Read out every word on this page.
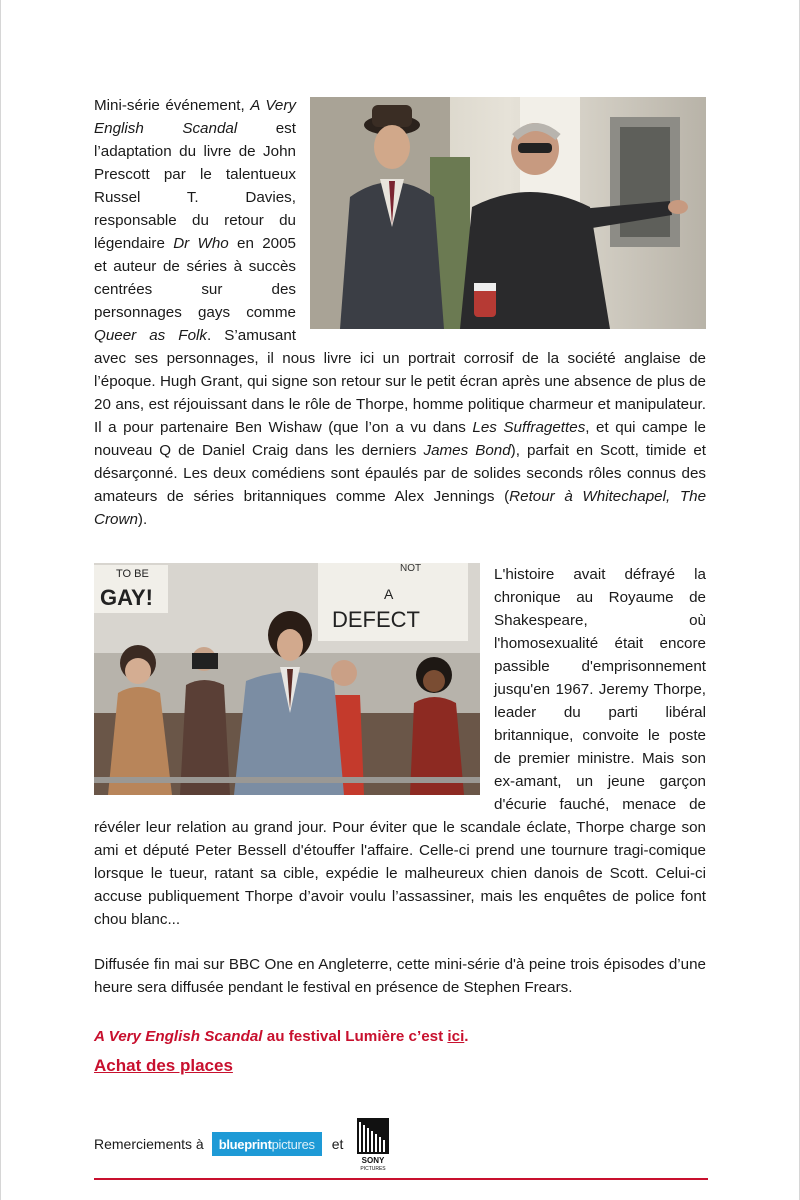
Mini-série événement, A Very English Scandal est l’adaptation du livre de John Prescott par le talentueux Russel T. Davies, responsable du retour du légendaire Dr Who en 2005 et auteur de séries à succès centrées sur des personnages gays comme Queer as Folk. S’amusant avec ses personnages, il nous livre ici un portrait corrosif de la société anglaise de l’époque. Hugh Grant, qui signe son retour sur le petit écran après une absence de plus de 20 ans, est réjouissant dans le rôle de Thorpe, homme politique charmeur et manipulateur. Il a pour partenaire Ben Wishaw (que l’on a vu dans Les Suffragettes, et qui campe le nouveau Q de Daniel Craig dans les derniers James Bond), parfait en Scott, timide et désarçonné. Les deux comédiens sont épaulés par de solides seconds rôles connus des amateurs de séries britanniques comme Alex Jennings (Retour à Whitechapel, The Crown).

TO BE
GAY!
NOT
A
DEFECT

L'histoire avait défrayé la chronique au Royaume de Shakespeare, où l'homosexualité était encore passible d'emprisonnement jusqu'en 1967. Jeremy Thorpe, leader du parti libéral britannique, convoite le poste de premier ministre. Mais son ex-amant, un jeune garçon d'écurie fauché, menace de révéler leur relation au grand jour. Pour éviter que le scandale éclate, Thorpe charge son ami et député Peter Bessell d'étouffer l'affaire. Celle-ci prend une tournure tragi-comique lorsque le tueur, ratant sa cible, expédie le malheureux chien danois de Scott. Celui-ci accuse publiquement Thorpe d’avoir voulu l’assassiner, mais les enquêtes de police font chou blanc...

Diffusée fin mai sur BBC One en Angleterre, cette mini-série d'à peine trois épisodes d’une heure sera diffusée pendant le festival en présence de Stephen Frears.

A Very English Scandal au festival Lumière c’est ici.

Achat des places
Remerciements à blueprint pictures et
SONY
PICTURES
